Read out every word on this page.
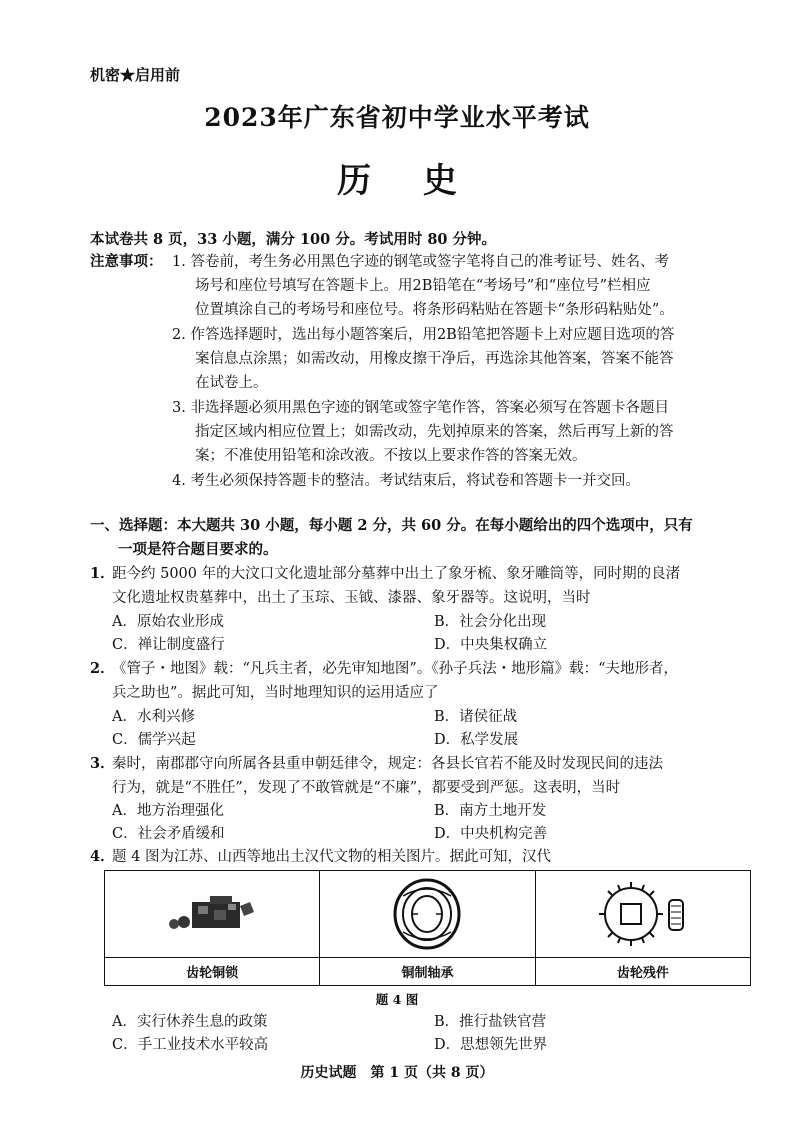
机密★启用前
2023年广东省初中学业水平考试
历 史
本试卷共 8 页，33 小题，满分 100 分。考试用时 80 分钟。
注意事项： 1. 答卷前，考生务必用黑色字迹的钢笔或签字笔将自己的准考证号、姓名、考
场号和座位号填写在答题卡上。用2B铅笔在“考场号”和“座位号”栏相应
位置填涂自己的考场号和座位号。将条形码粘贴在答题卡“条形码粘贴处”。
2. 作答选择题时，选出每小题答案后，用2B铅笔把答题卡上对应题目选项的答
案信息点涂黑；如需改动，用橡皮擦干净后，再选涂其他答案，答案不能答
在试卷上。
3. 非选择题必须用黑色字迹的钢笔或签字笔作答，答案必须写在答题卡各题目
指定区域内相应位置上；如需改动，先划掉原来的答案，然后再写上新的答
案；不准使用铅笔和涂改液。不按以上要求作答的答案无效。
4. 考生必须保持答题卡的整洁。考试结束后，将试卷和答题卡一并交回。
一、选择题：本大题共 30 小题，每小题 2 分，共 60 分。在每小题给出的四个选项中，只有
一项是符合题目要求的。
1．
距今约 5000 年的大汶口文化遗址部分墓葬中出土了象牙梳、象牙雕筒等，同时期的良渚
文化遗址权贵墓葬中，出土了玉琮、玉钺、漆器、象牙器等。这说明，当时
A．原始农业形成	B．社会分化出现
C．禅让制度盛行	D．中央集权确立
2．
《管子・地图》载：“凡兵主者，必先审知地图”。《孙子兵法・地形篇》载：“夫地形者，
兵之助也”。据此可知，当时地理知识的运用适应了
A．水利兴修	B．诸侯征战
C．儒学兴起	D．私学发展
3．
秦时，南郡郡守向所属各县重申朝廷律令，规定：各县长官若不能及时发现民间的违法
行为，就是“不胜任”，发现了不敢管就是“不廉”，都要受到严惩。这表明，当时
A．地方治理强化	B．南方土地开发
C．社会矛盾缓和	D．中央机构完善
4．
题 4 图为江苏、山西等地出土汉代文物的相关图片。据此可知，汉代
齿轮铜锁	铜制轴承	齿轮残件
题 4 图
A．实行休养生息的政策	B．推行盐铁官营
C．手工业技术水平较高	D．思想领先世界
历史试题　第 1 页（共 8 页）
